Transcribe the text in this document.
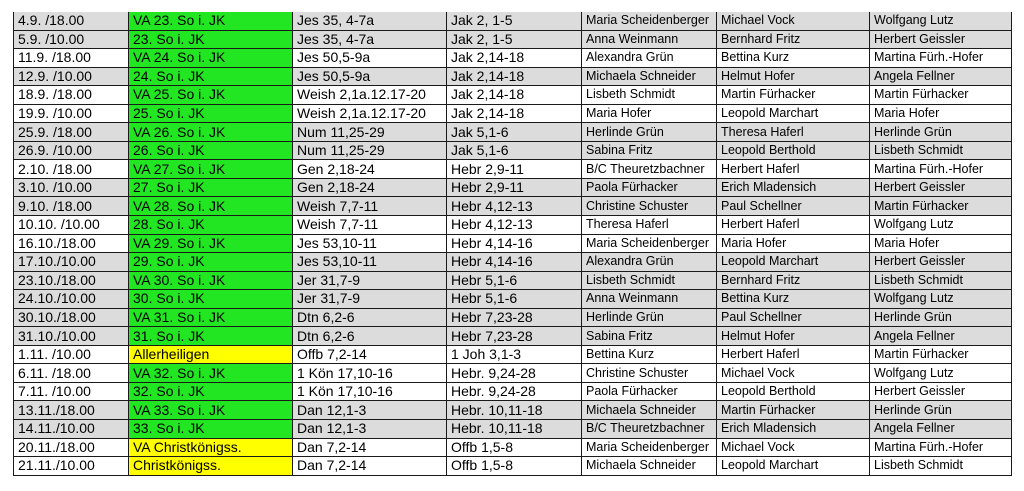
4.9. /18.00	VA 23. So i. JK	Jes 35, 4-7a	Jak 2, 1-5	Maria Scheidenberger	Michael Vock	Wolfgang Lutz
5.9. /10.00	23. So i. JK	Jes 35, 4-7a	Jak 2, 1-5	Anna Weinmann	Bernhard Fritz	Herbert Geissler
11.9. /18.00	VA 24. So i. JK	Jes 50,5-9a	Jak 2,14-18	Alexandra Grün	Bettina Kurz	Martina Fürh.-Hofer
12.9. /10.00	24. So i. JK	Jes 50,5-9a	Jak 2,14-18	Michaela Schneider	Helmut Hofer	Angela Fellner
18.9. /18.00	VA 25. So i. JK	Weish 2,1a.12.17-20	Jak 2,14-18	Lisbeth Schmidt	Martin Fürhacker	Martin Fürhacker
19.9. /10.00	25. So i. JK	Weish 2,1a.12.17-20	Jak 2,14-18	Maria Hofer	Leopold Marchart	Maria Hofer
25.9. /18.00	VA 26. So i. JK	Num 11,25-29	Jak 5,1-6	Herlinde Grün	Theresa Haferl	Herlinde Grün
26.9. /10.00	26. So i. JK	Num 11,25-29	Jak 5,1-6	Sabina Fritz	Leopold Berthold	Lisbeth Schmidt
2.10. /18.00	VA 27. So i. JK	Gen 2,18-24	Hebr 2,9-11	B/C Theuretzbachner	Herbert Haferl	Martina Fürh.-Hofer
3.10. /10.00	27. So i. JK	Gen 2,18-24	Hebr 2,9-11	Paola Fürhacker	Erich Mladensich	Herbert Geissler
9.10. /18.00	VA 28. So i. JK	Weish 7,7-11	Hebr 4,12-13	Christine Schuster	Paul Schellner	Martin Fürhacker
10.10. /10.00	28. So i. JK	Weish 7,7-11	Hebr 4,12-13	Theresa Haferl	Herbert Haferl	Wolfgang Lutz
16.10./18.00	VA 29. So i. JK	Jes 53,10-11	Hebr 4,14-16	Maria Scheidenberger	Maria Hofer	Maria Hofer
17.10./10.00	29. So i. JK	Jes 53,10-11	Hebr 4,14-16	Alexandra Grün	Leopold Marchart	Herbert Geissler
23.10./18.00	VA 30. So i. JK	Jer 31,7-9	Hebr 5,1-6	Lisbeth Schmidt	Bernhard Fritz	Lisbeth Schmidt
24.10./10.00	30. So i. JK	Jer 31,7-9	Hebr 5,1-6	Anna Weinmann	Bettina Kurz	Wolfgang Lutz
30.10./18.00	VA 31. So i. JK	Dtn 6,2-6	Hebr 7,23-28	Herlinde Grün	Paul Schellner	Herlinde Grün
31.10./10.00	31. So i. JK	Dtn 6,2-6	Hebr 7,23-28	Sabina Fritz	Helmut Hofer	Angela Fellner
1.11. /10.00	Allerheiligen	Offb 7,2-14	1 Joh 3,1-3	Bettina Kurz	Herbert Haferl	Martin Fürhacker
6.11. /18.00	VA 32. So i. JK	1 Kön 17,10-16	Hebr. 9,24-28	Christine Schuster	Michael Vock	Wolfgang Lutz
7.11. /10.00	32. So i. JK	1 Kön 17,10-16	Hebr. 9,24-28	Paola Fürhacker	Leopold Berthold	Herbert Geissler
13.11./18.00	VA 33. So i. JK	Dan 12,1-3	Hebr. 10,11-18	Michaela Schneider	Martin Fürhacker	Herlinde Grün
14.11./10.00	33. So i. JK	Dan 12,1-3	Hebr. 10,11-18	B/C Theuretzbachner	Erich Mladensich	Angela Fellner
20.11./18.00	VA Christkönigss.	Dan 7,2-14	Offb 1,5-8	Maria Scheidenberger	Michael Vock	Martina Fürh.-Hofer
21.11./10.00	Christkönigss.	Dan 7,2-14	Offb 1,5-8	Michaela Schneider	Leopold Marchart	Lisbeth Schmidt
